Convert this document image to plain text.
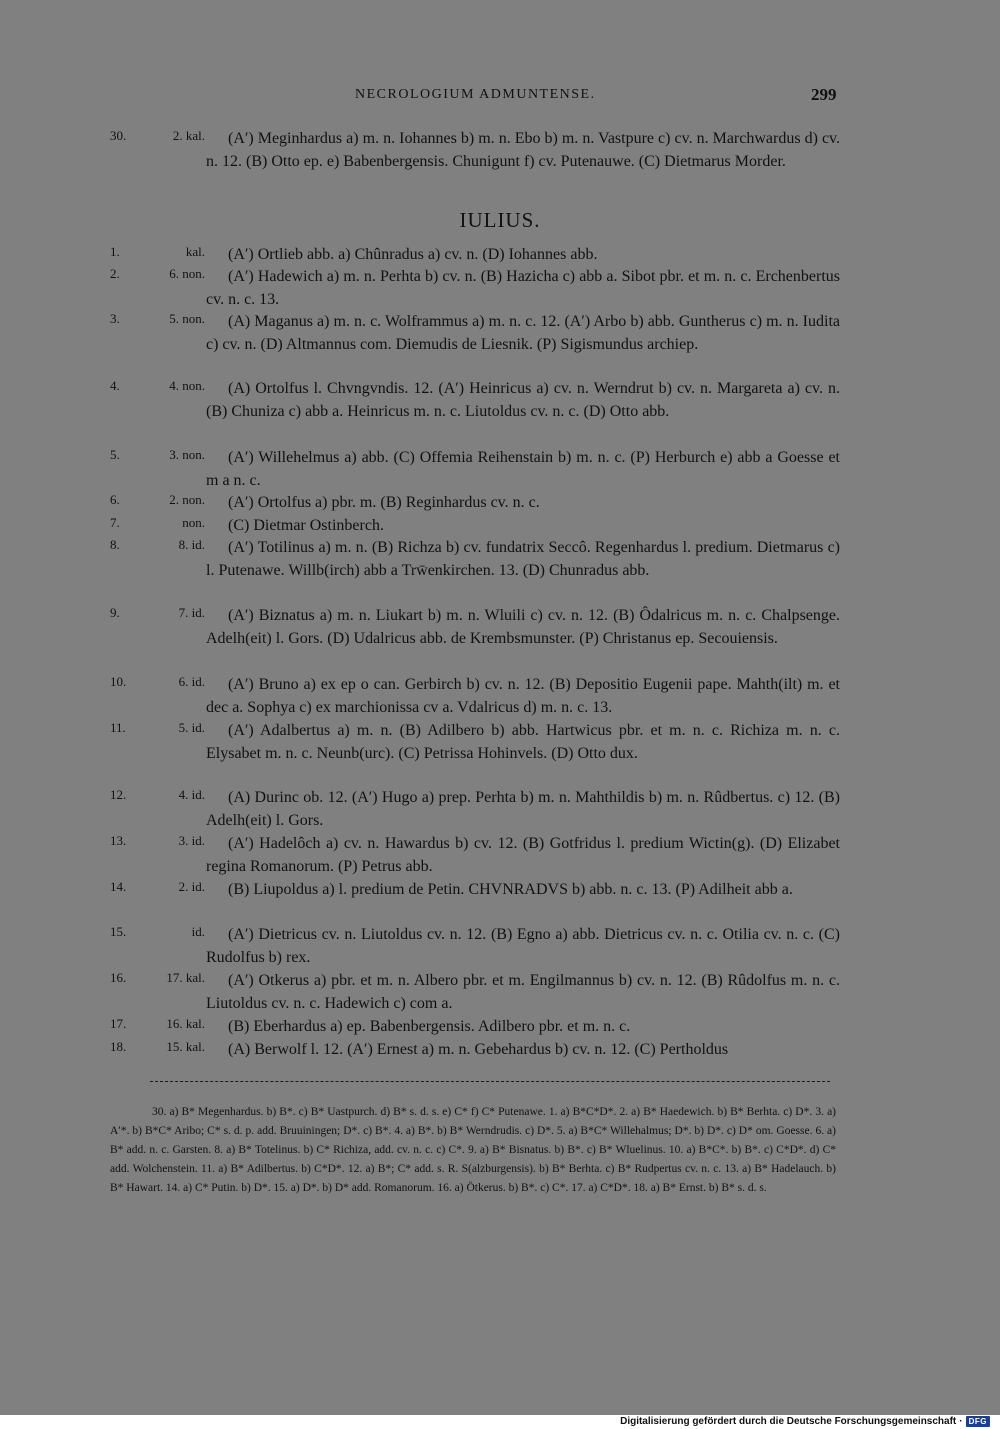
NECROLOGIUM ADMUNTENSE.	299
30.	2. kal.	(A′) Meginhardus a) m. n. Iohannes b) m. n. Ebo b) m. n. Vastpure c) cv. n. Marchwardus d) cv. n. 12. (B) Otto ep. e) Babenbergensis. Chunigunt f) cv. Putenauwe. (C) Dietmarus Morder.
IULIUS.
1.	kal.	(A′) Ortlieb abb. a) Chûnradus a) cv. n. (D) Iohannes abb.
2.	6. non.	(A′) Hadewich a) m. n. Perhta b) cv. n. (B) Hazicha c) abb a. Sibot pbr. et m. n. c. Erchenbertus cv. n. c. 13.
3.	5. non.	(A) Maganus a) m. n. c. Wolframmus a) m. n. c. 12. (A′) Arbo b) abb. Guntherus c) m. n. Iudita c) cv. n. (D) Altmannus com. Diemudis de Liesnik. (P) Sigismundus archiep.
4.	4. non.	(A) Ortolfus l. Chvngvndis. 12. (A′) Heinricus a) cv. n. Werndrut b) cv. n. Margareta a) cv. n. (B) Chuniza c) abb a. Heinricus m. n. c. Liutoldus cv. n. c. (D) Otto abb.
5.	3. non.	(A′) Willehelmus a) abb. (C) Offemia Reihenstain b) m. n. c. (P) Herburch e) abb a Goesse et m a n. c.
6.	2. non.	(A′) Ortolfus a) pbr. m. (B) Reginhardus cv. n. c.
7.	non.	(C) Dietmar Ostinberch.
8.	8. id.	(A′) Totilinus a) m. n. (B) Richza b) cv. fundatrix Seccô. Regenhardus l. predium. Dietmarus c) l. Putenawe. Willb(irch) abb a Trw̄enkirchen. 13. (D) Chunradus abb.
9.	7. id.	(A′) Biznatus a) m. n. Liukart b) m. n. Wluili c) cv. n. 12. (B) Ôdalricus m. n. c. Chalpsenge. Adelh(eit) l. Gors. (D) Udalricus abb. de Krembsmunster. (P) Christanus ep. Secouiensis.
10.	6. id.	(A′) Bruno a) ex ep o can. Gerbirch b) cv. n. 12. (B) Depositio Eugenii pape. Mahth(ilt) m. et dec a. Sophya c) ex marchionissa cv a. Vdalricus d) m. n. c. 13.
11.	5. id.	(A′) Adalbertus a) m. n. (B) Adilbero b) abb. Hartwicus pbr. et m. n. c. Richiza m. n. c. Elysabet m. n. c. Neunb(urc). (C) Petrissa Hohinvels. (D) Otto dux.
12.	4. id.	(A) Durinc ob. 12. (A′) Hugo a) prep. Perhta b) m. n. Mahthildis b) m. n. Rûdbertus. c) 12. (B) Adelh(eit) l. Gors.
13.	3. id.	(A′) Hadelôch a) cv. n. Hawardus b) cv. 12. (B) Gotfridus l. predium Wictin(g). (D) Elizabet regina Romanorum. (P) Petrus abb.
14.	2. id.	(B) Liupoldus a) l. predium de Petin. CHVNRADVS b) abb. n. c. 13. (P) Adilheit abb a.
15.	id.	(A′) Dietricus cv. n. Liutoldus cv. n. 12. (B) Egno a) abb. Dietricus cv. n. c. Otilia cv. n. c. (C) Rudolfus b) rex.
16.	17. kal.	(A′) Otkerus a) pbr. et m. n. Albero pbr. et m. Engilmannus b) cv. n. 12. (B) Rûdolfus m. n. c. Liutoldus cv. n. c. Hadewich c) com a.
17.	16. kal.	(B) Eberhardus a) ep. Babenbergensis. Adilbero pbr. et m. n. c.
18.	15. kal.	(A) Berwolf l. 12. (A′) Ernest a) m. n. Gebehardus b) cv. n. 12. (C) Pertholdus

30. a) B* Megenhardus. b) B*. c) B* Uastpurch. d) B* s. d. s. e) C* f) C* Putenawe. 1. a) B*C*D*. 2. a) B* Haedewich. b) B* Berhta. c) D*. 3. a) A′*. b) B*C* Aribo; C* s. d. p. add. Bruuiningen; D*. c) B*. 4. a) B*. b) B* Werndrudis. c) D*. 5. a) B*C* Willehalmus; D*. b) D*. c) D* om. Goesse. 6. a) B* add. n. c. Garsten. 8. a) B* Totelinus. b) C* Richiza, add. cv. n. c. c) C*. 9. a) B* Bisnatus. b) B*. c) B* Wluelinus. 10. a) B*C*. b) B*. c) C*D*. d) C* add. Wolchenstein. 11. a) B* Adilbertus. b) C*D*. 12. a) B*; C* add. s. R. S(alzburgensis). b) B* Berhta. c) B* Rudpertus cv. n. c. 13. a) B* Hadelauch. b) B* Hawart. 14. a) C* Putin. b) D*. 15. a) D*. b) D* add. Romanorum. 16. a) Ötkerus. b) B*. c) C*. 17. a) C*D*. 18. a) B* Ernst. b) B* s. d. s.

Digitalisierung gefördert durch die Deutsche Forschungsgemeinschaft · DFG
